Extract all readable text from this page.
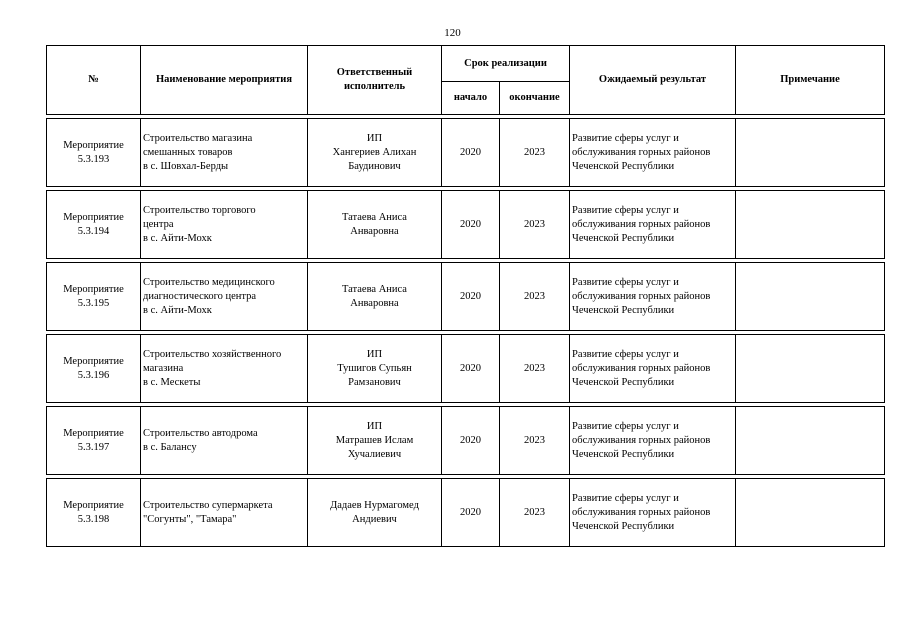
120
№	Наименование мероприятия	Ответственный
исполнитель	Срок реализации		Ожидаемый результат	Примечание
			начало	окончание		

Мероприятие
5.3.193	Строительство магазина
смешанных товаров
в с. Шовхал-Берды	ИП
Хангериев Алихан
Баудинович	2020	2023	Развитие сферы услуг и
обслуживания горных районов
Чеченской Республики	

Мероприятие
5.3.194	Строительство торгового
центра
в с. Айти-Мохк	Татаева Аниса
Анваровна	2020	2023	Развитие сферы услуг и
обслуживания горных районов
Чеченской Республики	

Мероприятие
5.3.195	Строительство медицинского
диагностического центра
в с. Айти-Мохк	Татаева Аниса
Анваровна	2020	2023	Развитие сферы услуг и
обслуживания горных районов
Чеченской Республики	

Мероприятие
5.3.196	Строительство хозяйственного
магазина
в с. Мескеты	ИП
Тушигов Супьян
Рамзанович	2020	2023	Развитие сферы услуг и
обслуживания горных районов
Чеченской Республики	

Мероприятие
5.3.197	Строительство автодрома
в с. Балансу	ИП
Матрашев Ислам
Хучалиевич	2020	2023	Развитие сферы услуг и
обслуживания горных районов
Чеченской Республики	

Мероприятие
5.3.198	Строительство супермаркета
"Согунты", "Тамара"	Дадаев Нурмагомед
Андиевич	2020	2023	Развитие сферы услуг и
обслуживания горных районов
Чеченской Республики	
